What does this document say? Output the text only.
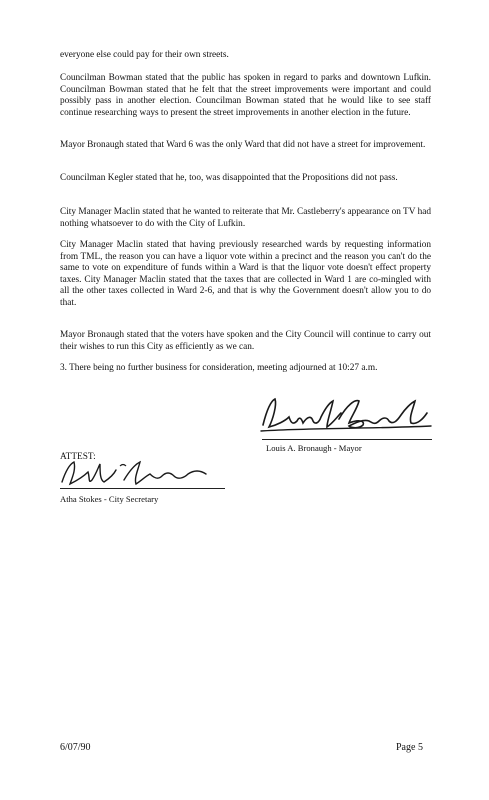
everyone else could pay for their own streets.

Councilman Bowman stated that the public has spoken in regard to parks and downtown Lufkin. Councilman Bowman stated that he felt that the street improvements were important and could possibly pass in another election. Councilman Bowman stated that he would like to see staff continue researching ways to present the street improvements in another election in the future.

Mayor Bronaugh stated that Ward 6 was the only Ward that did not have a street for improvement.

Councilman Kegler stated that he, too, was disappointed that the Propositions did not pass.

City Manager Maclin stated that he wanted to reiterate that Mr. Castleberry's appearance on TV had nothing whatsoever to do with the City of Lufkin.

City Manager Maclin stated that having previously researched wards by requesting information from TML, the reason you can have a liquor vote within a precinct and the reason you can't do the same to vote on expenditure of funds within a Ward is that the liquor vote doesn't effect property taxes. City Manager Maclin stated that the taxes that are collected in Ward 1 are co-mingled with all the other taxes collected in Ward 2-6, and that is why the Government doesn't allow you to do that.

Mayor Bronaugh stated that the voters have spoken and the City Council will continue to carry out their wishes to run this City as efficiently as we can.

3. There being no further business for consideration, meeting adjourned at 10:27 a.m.

Louis A. Bronaugh - Mayor
ATTEST:
Atha Stokes - City Secretary
6/07/90	Page 5
